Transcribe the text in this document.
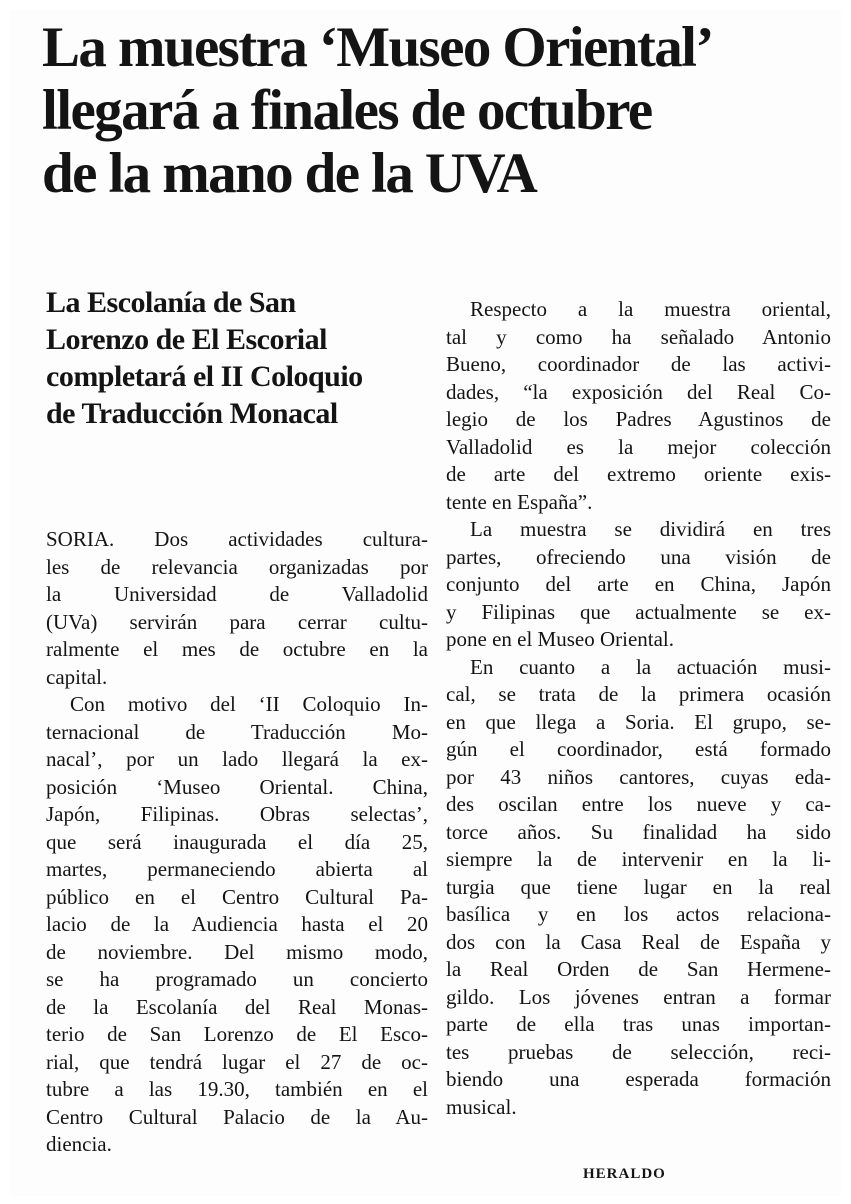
La muestra ‘Museo Oriental’
llegará a finales de octubre
de la mano de la UVA
La Escolanía de San
Lorenzo de El Escorial
completará el II Coloquio
de Traducción Monacal

SORIA. Dos actividades cultura-
les de relevancia organizadas por
la Universidad de Valladolid
(UVa) servirán para cerrar cultu-
ralmente el mes de octubre en la
capital.

Con motivo del ‘II Coloquio In-
ternacional de Traducción Mo-
nacal’, por un lado llegará la ex-
posición ‘Museo Oriental. China,
Japón, Filipinas. Obras selectas’,
que será inaugurada el día 25,
martes, permaneciendo abierta al
público en el Centro Cultural Pa-
lacio de la Audiencia hasta el 20
de noviembre. Del mismo modo,
se ha programado un concierto
de la Escolanía del Real Monas-
terio de San Lorenzo de El Esco-
rial, que tendrá lugar el 27 de oc-
tubre a las 19.30, también en el
Centro Cultural Palacio de la Au-
diencia.

Respecto a la muestra oriental,
tal y como ha señalado Antonio
Bueno, coordinador de las activi-
dades, “la exposición del Real Co-
legio de los Padres Agustinos de
Valladolid es la mejor colección
de arte del extremo oriente exis-
tente en España”.

La muestra se dividirá en tres
partes, ofreciendo una visión de
conjunto del arte en China, Japón
y Filipinas que actualmente se ex-
pone en el Museo Oriental.

En cuanto a la actuación musi-
cal, se trata de la primera ocasión
en que llega a Soria. El grupo, se-
gún el coordinador, está formado
por 43 niños cantores, cuyas eda-
des oscilan entre los nueve y ca-
torce años. Su finalidad ha sido
siempre la de intervenir en la li-
turgia que tiene lugar en la real
basílica y en los actos relaciona-
dos con la Casa Real de España y
la Real Orden de San Hermene-
gildo. Los jóvenes entran a formar
parte de ella tras unas importan-
tes pruebas de selección, reci-
biendo una esperada formación
musical.

HERALDO
